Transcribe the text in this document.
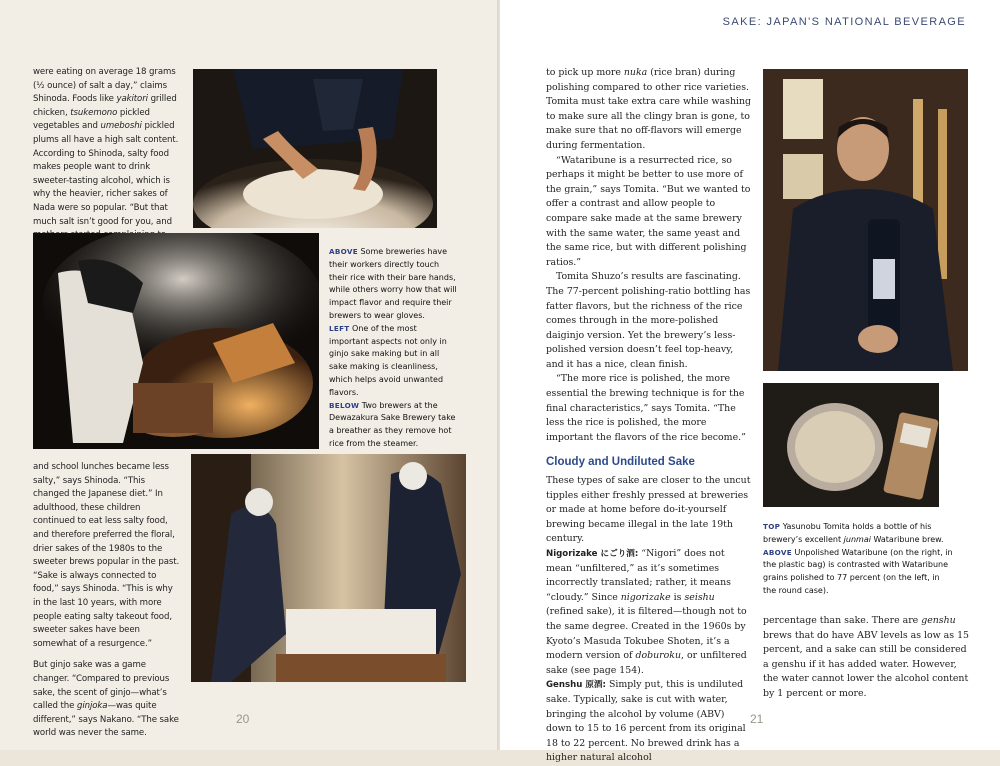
were eating on average 18 grams (½ ounce) of salt a day,” claims Shinoda. Foods like yakitori grilled chicken, tsukemono pickled vegetables and umeboshi pickled plums all have a high salt content. According to Shinoda, salty food makes people want to drink sweeter-tasting alcohol, which is why the heavier, richer sakes of Nada were so popular. “But that much salt isn’t good for you, and

ABOVE Some breweries have their workers directly touch their rice with their bare hands, while others worry how that will impact flavor and require their brewers to wear gloves.

LEFT One of the most important aspects not only in ginjo sake making but in all sake making is cleanliness, which helps avoid unwanted flavors.

BELOW Two brewers at the Dewazakura Sake Brewery take a breather as they remove hot rice from the steamer.

and school lunches became less salty,” says Shinoda. “This changed the Japanese diet.” In adulthood, these children continued to eat less salty food, and therefore preferred the floral, drier sakes of the 1980s to the sweeter brews popular in the past. “Sake is always connected to food,” says Shinoda. “This is why in the last 10 years, with more people eating salty takeout food, sweeter sakes have been somewhat of a resurgence.”

But ginjo sake was a game changer. “Compared to previous sake, the scent of ginjo—what’s called the ginjoka—was quite different,” says Nakano. “The sake world was never the same.

20
SAKE: JAPAN'S NATIONAL BEVERAGE

to pick up more nuka (rice bran) during polishing compared to other rice varieties. Tomita must take extra care while washing to make sure all the clingy bran is gone, to make sure that no off-flavors will emerge during fermentation.

“Wataribune is a resurrected rice, so perhaps it might be better to use more of the grain,” says Tomita. “But we wanted to offer a contrast and allow people to compare sake made at the same brewery with the same water, the same yeast and the same rice, but with different polishing ratios.”

Tomita Shuzo’s results are fascinating. The 77-percent polishing-ratio bottling has fatter flavors, but the richness of the rice comes through in the more-polished daiginjo version. Yet the brewery’s less-polished version doesn’t feel top-heavy, and it has a nice, clean finish.

“The more rice is polished, the more essential the brewing technique is for the final characteristics,” says Tomita. “The less the rice is polished, the more important the flavors of the rice become.”

Cloudy and Undiluted Sake

These types of sake are closer to the uncut tipples either freshly pressed at breweries or made at home before do-it-yourself brewing became illegal in the late 19th century.

Nigorizake にごり酒: “Nigori” does not mean “unfiltered,” as it’s sometimes incorrectly translated; rather, it means “cloudy.” Since nigorizake is seishu (refined sake), it is filtered—though not to the same degree. Created in the 1960s by Kyoto’s Masuda Tokubee Shoten, it’s a modern version of doburoku, or unfiltered sake (see page 154).

Genshu 原酒: Simply put, this is undiluted sake. Typically, sake is cut with water, bringing the alcohol by volume (ABV) down to 15 to 16 percent from its original 18 to 22 percent. No brewed drink has a higher natural alcohol

TOP Yasunobu Tomita holds a bottle of his brewery’s excellent junmai Wataribune brew.

ABOVE Unpolished Wataribune (on the right, in the plastic bag) is contrasted with Wataribune grains polished to 77 percent (on the left, in the round case).

percentage than sake. There are genshu brews that do have ABV levels as low as 15 percent, and a sake can still be considered a genshu if it has added water. However, the water cannot lower the alcohol content by 1 percent or more.

21
